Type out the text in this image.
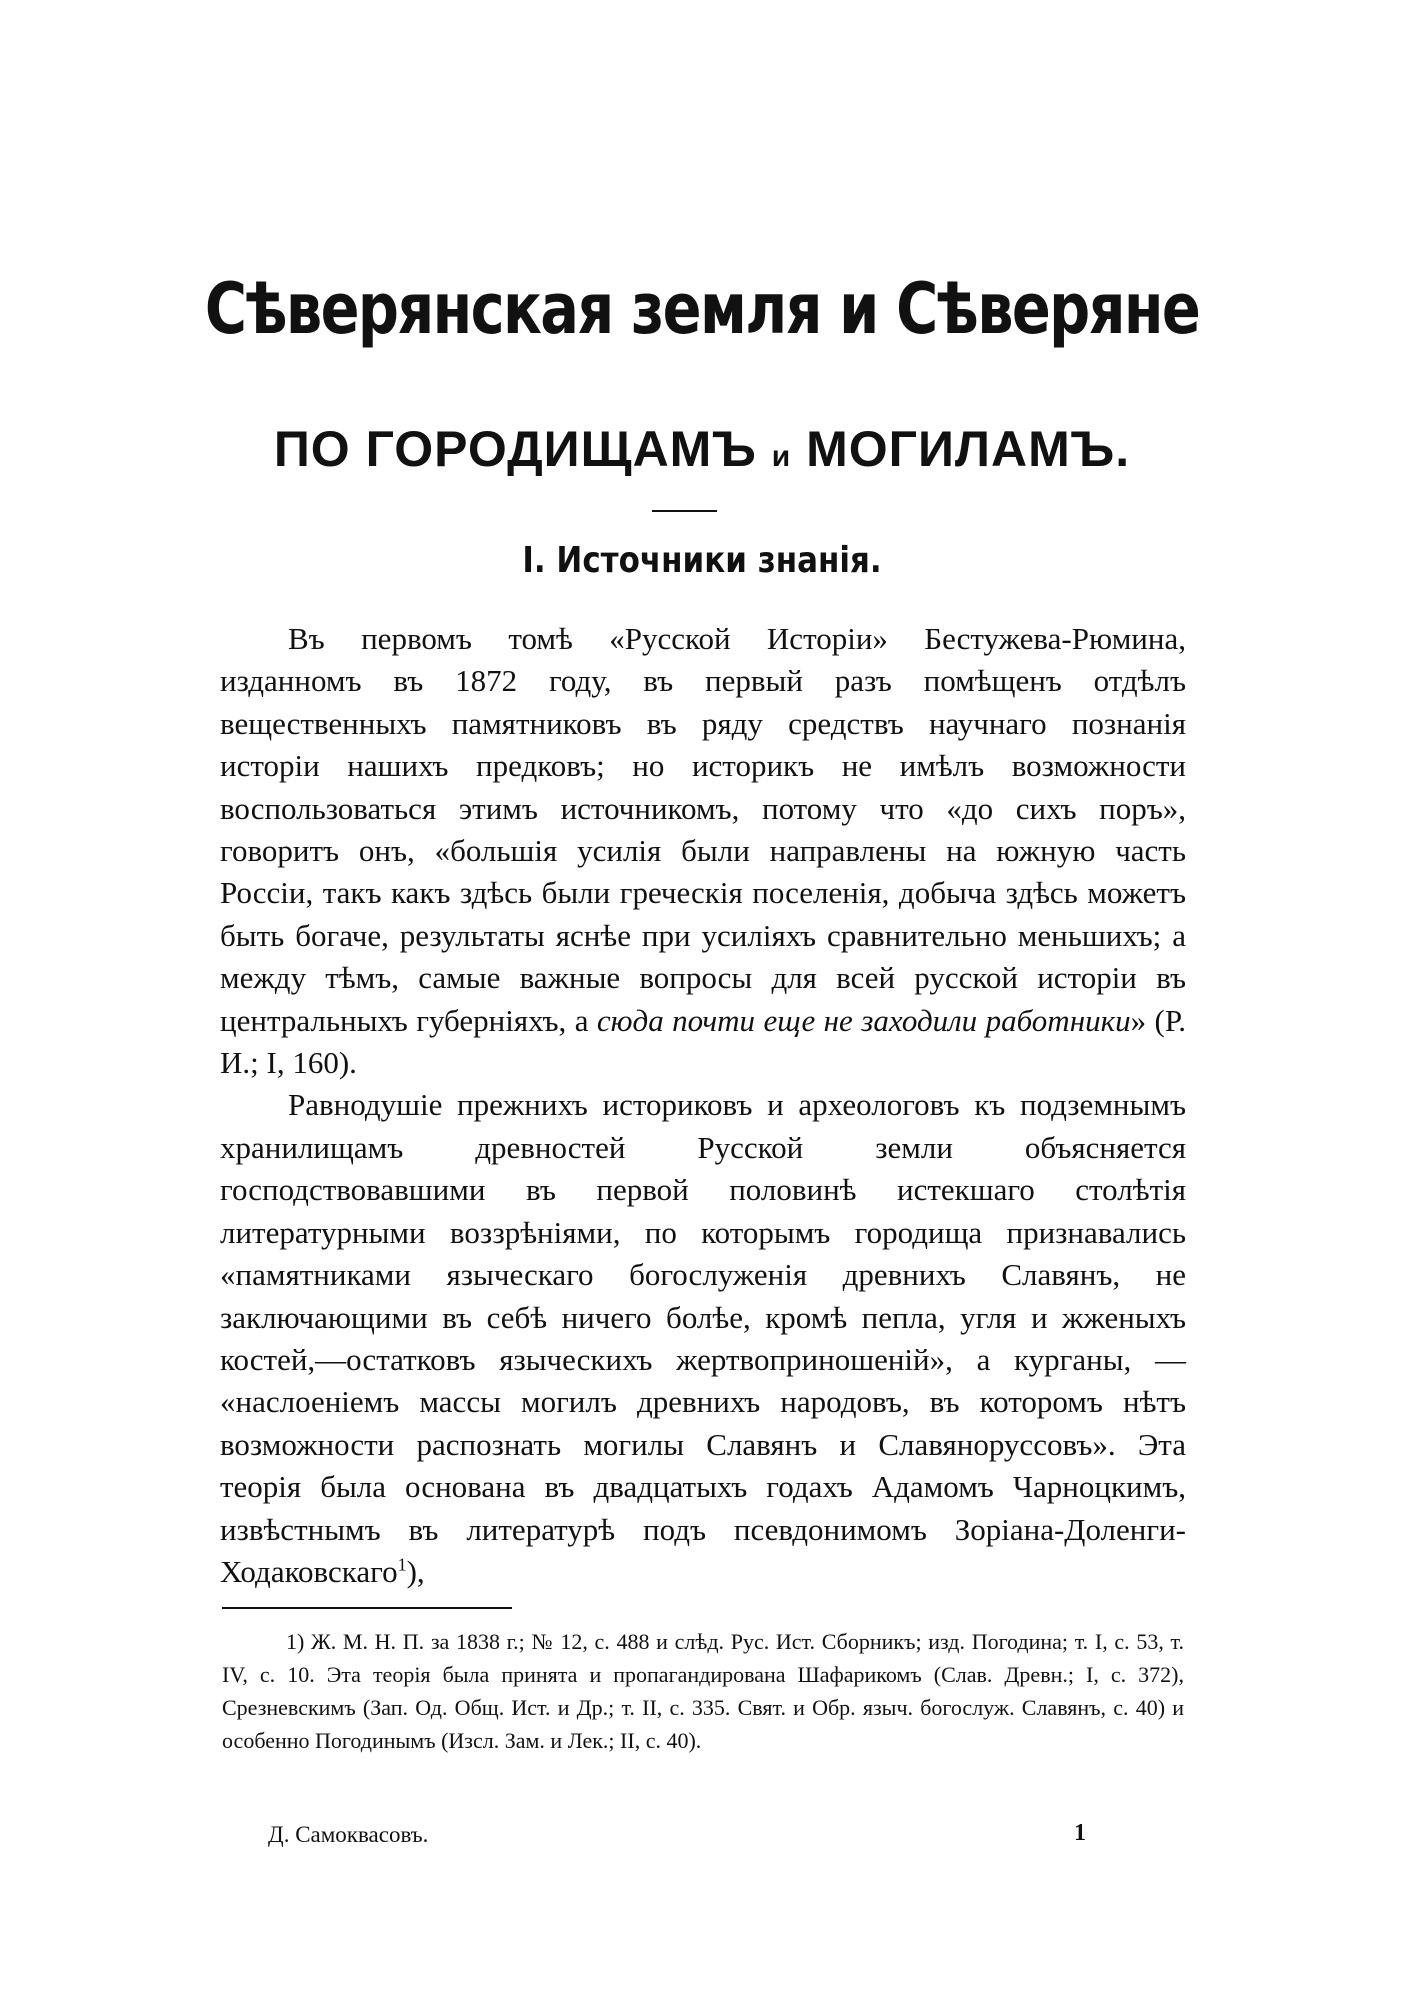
Сѣверянская земля и Сѣверяне
ПО ГОРОДИЩАМЪ и МОГИЛАМЪ.
I. Источники знанія.

Въ первомъ томѣ «Русской Исторіи» Бестужева-Рюмина, изданномъ въ 1872 году, въ первый разъ помѣщенъ отдѣлъ вещественныхъ памятниковъ въ ряду средствъ научнаго познанія исторіи нашихъ предковъ; но историкъ не имѣлъ возможности воспользоваться этимъ источникомъ, потому что «до сихъ поръ», говоритъ онъ, «большія усилія были направлены на южную часть Россіи, такъ какъ здѣсь были греческія поселенія, добыча здѣсь можетъ быть богаче, результаты яснѣе при усиліяхъ сравнительно меньшихъ; а между тѣмъ, самые важные вопросы для всей русской исторіи въ центральныхъ губерніяхъ, а сюда почти еще не заходили работники» (Р. И.; I, 160).

Равнодушіе прежнихъ историковъ и археологовъ къ подземнымъ хранилищамъ древностей Русской земли объясняется господствовавшими въ первой половинѣ истекшаго столѣтія литературными воззрѣніями, по которымъ городища признавались «памятниками языческаго богослуженія древнихъ Славянъ, не заключающими въ себѣ ничего болѣе, кромѣ пепла, угля и жженыхъ костей,—остатковъ языческихъ жертвоприношеній», а курганы, — «наслоеніемъ массы могилъ древнихъ народовъ, въ которомъ нѣтъ возможности распознать могилы Славянъ и Славяноруссовъ». Эта теорія была основана въ двадцатыхъ годахъ Адамомъ Чарноцкимъ, извѣстнымъ въ литературѣ подъ псевдонимомъ Зоріана-Доленги-Ходаковскаго$^1$),

1) Ж. М. Н. П. за 1838 г.; № 12, с. 488 и слѣд. Рус. Ист. Сборникъ; изд. Погодина; т. I, с. 53, т. IV, с. 10. Эта теорія была принята и пропагандирована Шафарикомъ (Слав. Древн.; I, с. 372), Срезневскимъ (Зап. Од. Общ. Ист. и Др.; т. II, с. 335. Свят. и Обр. языч. богослуж. Славянъ, с. 40) и особенно Погодинымъ (Изсл. Зам. и Лек.; II, с. 40).

Д. Самоквасовъ.	1
